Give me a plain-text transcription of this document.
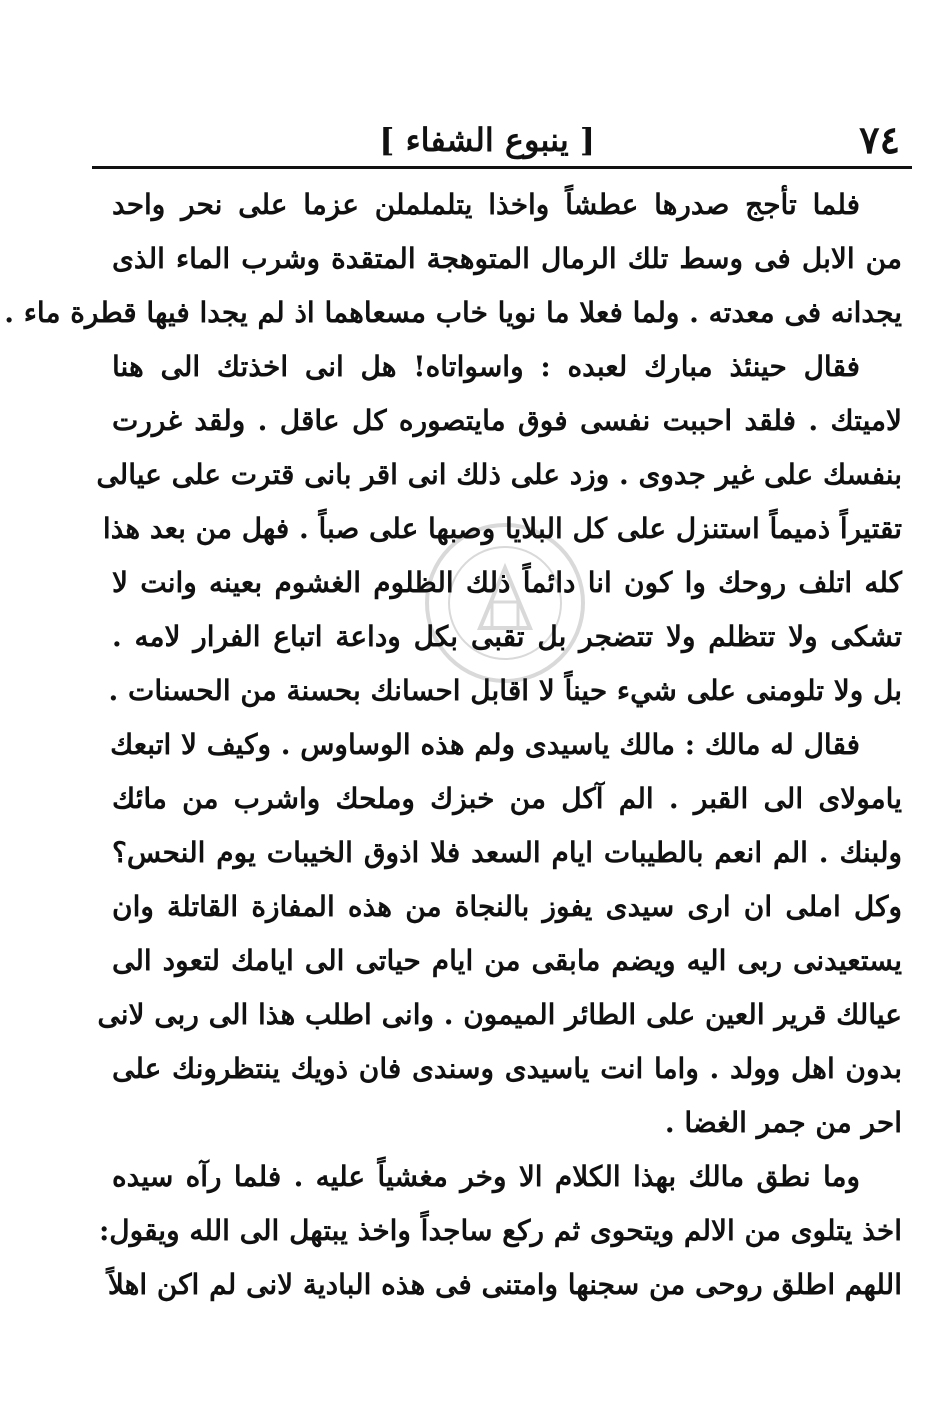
٧٤
[ ينبوع الشفاء ]
فلما تأجج صدرها عطشاً واخذا يتلململن عزما على نحر واحد
من الابل فى وسط تلك الرمال المتوهجة المتقدة وشرب الماء الذى
يجدانه فى معدته . ولما فعلا ما نويا خاب مسعاهما اذ لم يجدا فيها قطرة ماء .
فقال حينئذ مبارك لعبده : واسواتاه! هل انى اخذتك الى هنا
لاميتك . فلقد احببت نفسى فوق مايتصوره كل عاقل . ولقد غررت
بنفسك على غير جدوى . وزد على ذلك انى اقر بانى قترت على عيالى
تقتيراً ذميماً استنزل على كل البلايا وصبها على صباً . فهل من بعد هذا
كله اتلف روحك وا كون انا دائماً ذلك الظلوم الغشوم بعينه وانت لا
تشكى ولا تتظلم ولا تتضجر بل تقبى بكل وداعة اتباع الفرار لامه .
بل ولا تلومنى على شيء حيناً لا اقابل احسانك بحسنة من الحسنات .
فقال له مالك : مالك ياسيدى ولم هذه الوساوس . وكيف لا اتبعك
يامولاى الى القبر . الم آكل من خبزك وملحك واشرب من مائك
ولبنك . الم انعم بالطيبات ايام السعد فلا اذوق الخيبات يوم النحس؟
وكل املى ان ارى سيدى يفوز بالنجاة من هذه المفازة القاتلة وان
يستعيدنى ربى اليه ويضم مابقى من ايام حياتى الى ايامك لتعود الى
عيالك قرير العين على الطائر الميمون . وانى اطلب هذا الى ربى لانى
بدون اهل وولد . واما انت ياسيدى وسندى فان ذويك ينتظرونك على
احر من جمر الغضا .
وما نطق مالك بهذا الكلام الا وخر مغشياً عليه . فلما رآه سيده
اخذ يتلوى من الالم ويتحوى ثم ركع ساجداً واخذ يبتهل الى الله ويقول:
اللهم اطلق روحى من سجنها وامتنى فى هذه البادية لانى لم اكن اهلاً
